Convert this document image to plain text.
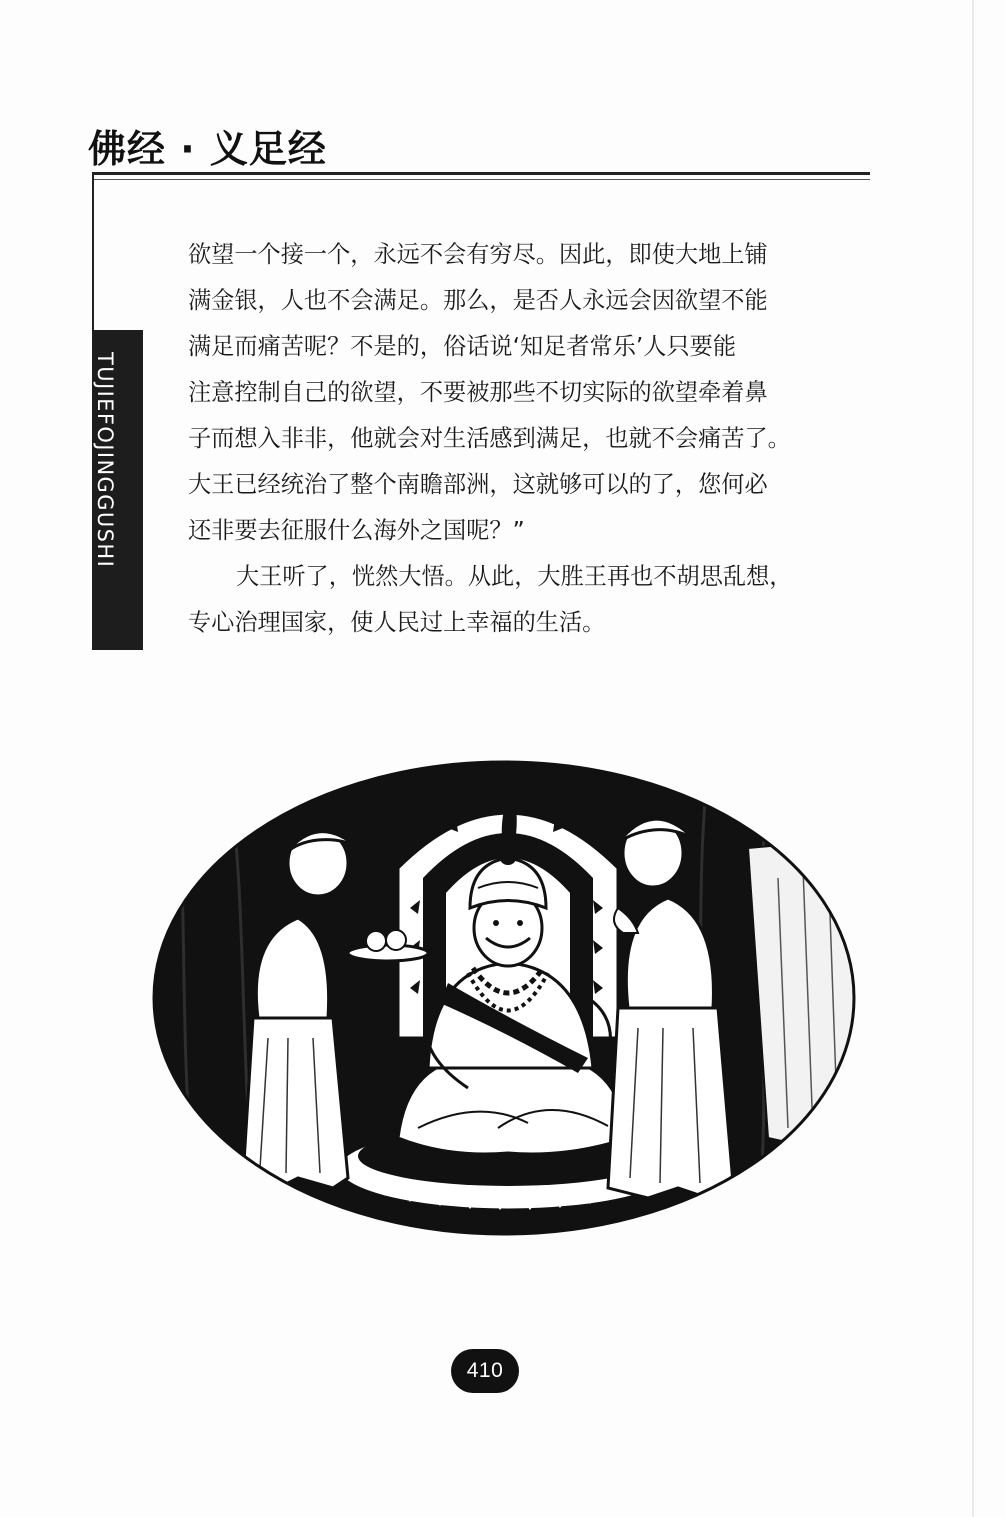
佛经 · 义足经
TUJIEFOJINGGUSHI
欲望一个接一个，永远不会有穷尽。因此，即使大地上铺
满金银，人也不会满足。那么，是否人永远会因欲望不能
满足而痛苦呢？不是的，俗话说‘知足者常乐’人只要能
注意控制自己的欲望，不要被那些不切实际的欲望牵着鼻
子而想入非非，他就会对生活感到满足，也就不会痛苦了。
大王已经统治了整个南瞻部洲，这就够可以的了，您何必
还非要去征服什么海外之国呢？”
大王听了，恍然大悟。从此，大胜王再也不胡思乱想，
专心治理国家，使人民过上幸福的生活。
410
